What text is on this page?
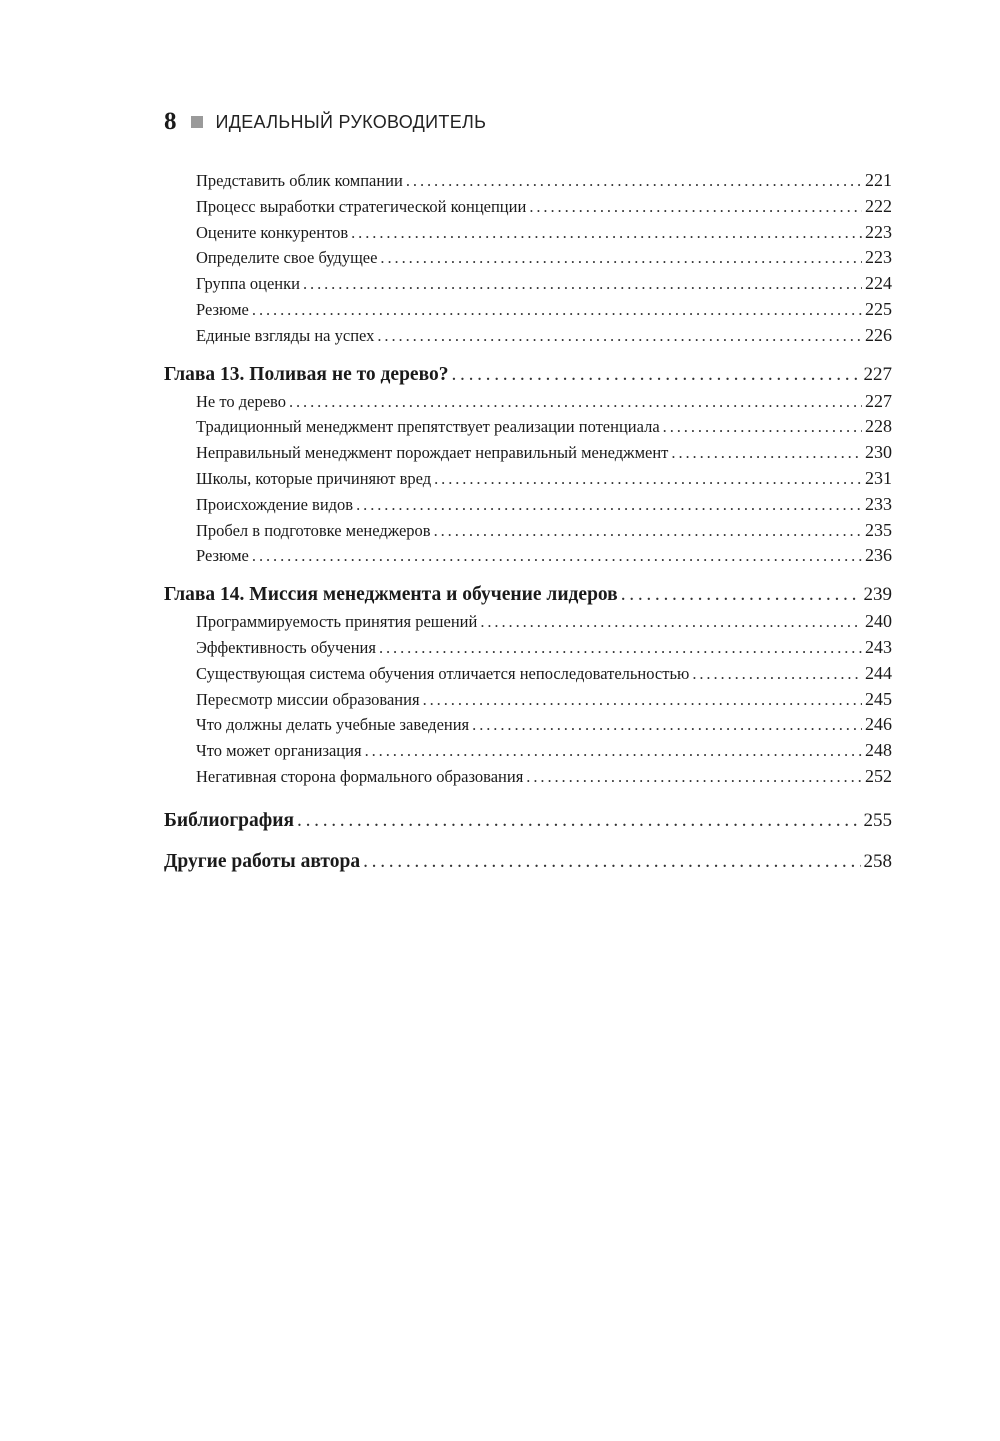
8 ИДЕАЛЬНЫЙ РУКОВОДИТЕЛЬ
Представить облик компании . . .	221
Процесс выработки стратегической концепции . . .	222
Оцените конкурентов . . .	223
Определите свое будущее . . .	223
Группа оценки . . .	224
Резюме . . .	225
Единые взгляды на успех . . .	226
Глава 13. Поливая не то дерево? . . .	227
Не то дерево . . .	227
Традиционный менеджмент препятствует реализации потенциала . . .	228
Неправильный менеджмент порождает неправильный менеджмент . . .	230
Школы, которые причиняют вред . . .	231
Происхождение видов . . .	233
Пробел в подготовке менеджеров . . .	235
Резюме . . .	236
Глава 14. Миссия менеджмента и обучение лидеров . . .	239
Программируемость принятия решений . . .	240
Эффективность обучения . . .	243
Существующая система обучения отличается непоследовательностью . . .	244
Пересмотр миссии образования . . .	245
Что должны делать учебные заведения . . .	246
Что может организация . . .	248
Негативная сторона формального образования . . .	252
Библиография . . .	255
Другие работы автора . . .	258
